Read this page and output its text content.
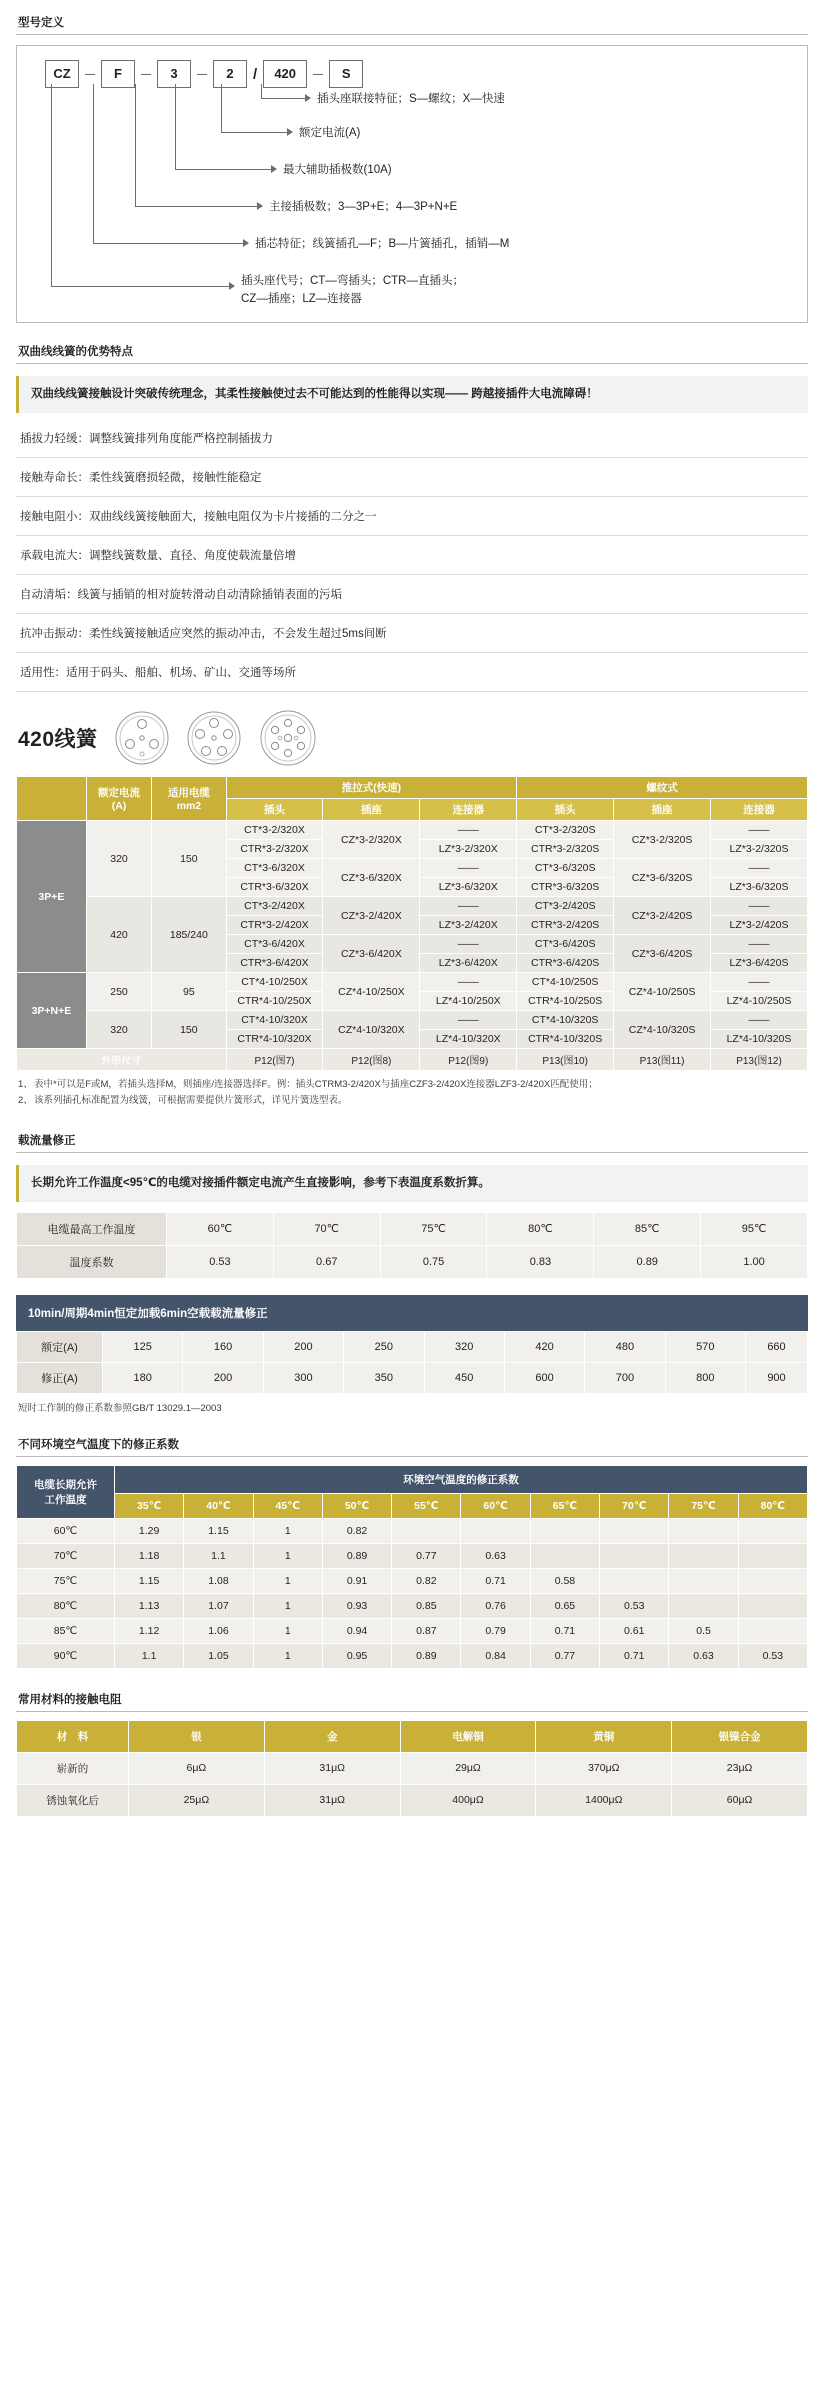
型号定义
CZ	F	3	2	/	420	S
插头座联接特征；S—螺纹；X—快速
额定电流(A)
最大辅助插极数(10A)
主接插极数；3—3P+E；4—3P+N+E
插芯特征；线簧插孔—F；B—片簧插孔，插销—M
插头座代号；CT—弯插头；CTR—直插头；
CZ—插座；LZ—连接器
双曲线线簧的优势特点
双曲线线簧接触设计突破传统理念，其柔性接触使过去不可能达到的性能得以实现—— 跨越接插件大电流障碍！
插拔力轻缓：调整线簧排列角度能严格控制插拔力
接触寿命长：柔性线簧磨损轻微，接触性能稳定
接触电阻小：双曲线线簧接触面大，接触电阻仅为卡片接插的二分之一
承载电流大：调整线簧数量、直径、角度使载流量倍增
自动清垢：线簧与插销的相对旋转滑动自动清除插销表面的污垢
抗冲击振动：柔性线簧接触适应突然的振动冲击，不会发生超过5ms间断
适用性：适用于码头、船舶、机场、矿山、交通等场所
420线簧

额定电流
(A)

适用电缆
mm2
	推拉式(快速)	螺纹式
			插头	插座	连接器	插头	插座	连接器
3P+E	320	150	CT*3-2/320X	CZ*3-2/320X	——	CT*3-2/320S	CZ*3-2/320S	——
			CTR*3-2/320X		LZ*3-2/320X	CTR*3-2/320S		LZ*3-2/320S
			CT*3-6/320X	CZ*3-6/320X	——	CT*3-6/320S	CZ*3-6/320S	——
			CTR*3-6/320X		LZ*3-6/320X	CTR*3-6/320S		LZ*3-6/320S
	420	185/240	CT*3-2/420X	CZ*3-2/420X	——	CT*3-2/420S	CZ*3-2/420S	——
			CTR*3-2/420X		LZ*3-2/420X	CTR*3-2/420S		LZ*3-2/420S
			CT*3-6/420X	CZ*3-6/420X	——	CT*3-6/420S	CZ*3-6/420S	——
			CTR*3-6/420X		LZ*3-6/420X	CTR*3-6/420S		LZ*3-6/420S
3P+N+E	250	95	CT*4-10/250X	CZ*4-10/250X	——	CT*4-10/250S	CZ*4-10/250S	——
			CTR*4-10/250X		LZ*4-10/250X	CTR*4-10/250S		LZ*4-10/250S
	320	150	CT*4-10/320X	CZ*4-10/320X	——	CT*4-10/320S	CZ*4-10/320S	——
			CTR*4-10/320X		LZ*4-10/320X	CTR*4-10/320S		LZ*4-10/320S
外形尺寸			P12(图7)	P12(图8)	P12(图9)	P13(图10)	P13(图11)	P13(图12)
1、 表中*可以是F或M，若插头选择M，则插座/连接器选择F。例：插头CTRM3-2/420X与插座CZF3-2/420X连接器LZF3-2/420X匹配使用；
2、 该系列插孔标准配置为线簧，可根据需要提供片簧形式，详见片簧选型表。
载流量修正
长期允许工作温度<95℃的电缆对接插件额定电流产生直接影响，参考下表温度系数折算。
电缆最高工作温度	60℃	70℃	75℃	80℃	85℃	95℃
温度系数	0.53	0.67	0.75	0.83	0.89	1.00
10min/周期4min恒定加载6min空载载流量修正
额定(A)	125	160	200	250	320	420	480	570	660
修正(A)	180	200	300	350	450	600	700	800	900
短时工作制的修正系数参照GB/T 13029.1—2003
不同环境空气温度下的修正系数
电缆长期允许
工作温度	环境空气温度的修正系数									
	35℃	40℃	45℃	50℃	55℃	60℃	65℃	70℃	75℃	80℃
60℃	1.29	1.15	1	0.82						
70℃	1.18	1.1	1	0.89	0.77	0.63				
75℃	1.15	1.08	1	0.91	0.82	0.71	0.58			
80℃	1.13	1.07	1	0.93	0.85	0.76	0.65	0.53		
85℃	1.12	1.06	1	0.94	0.87	0.79	0.71	0.61	0.5	
90℃	1.1	1.05	1	0.95	0.89	0.84	0.77	0.71	0.63	0.53
常用材料的接触电阻
材　料	银	金	电解铜	黄铜	银镍合金
崭新的	6μΩ	31μΩ	29μΩ	370μΩ	23μΩ
锈蚀氧化后	25μΩ	31μΩ	400μΩ	1400μΩ	60μΩ
